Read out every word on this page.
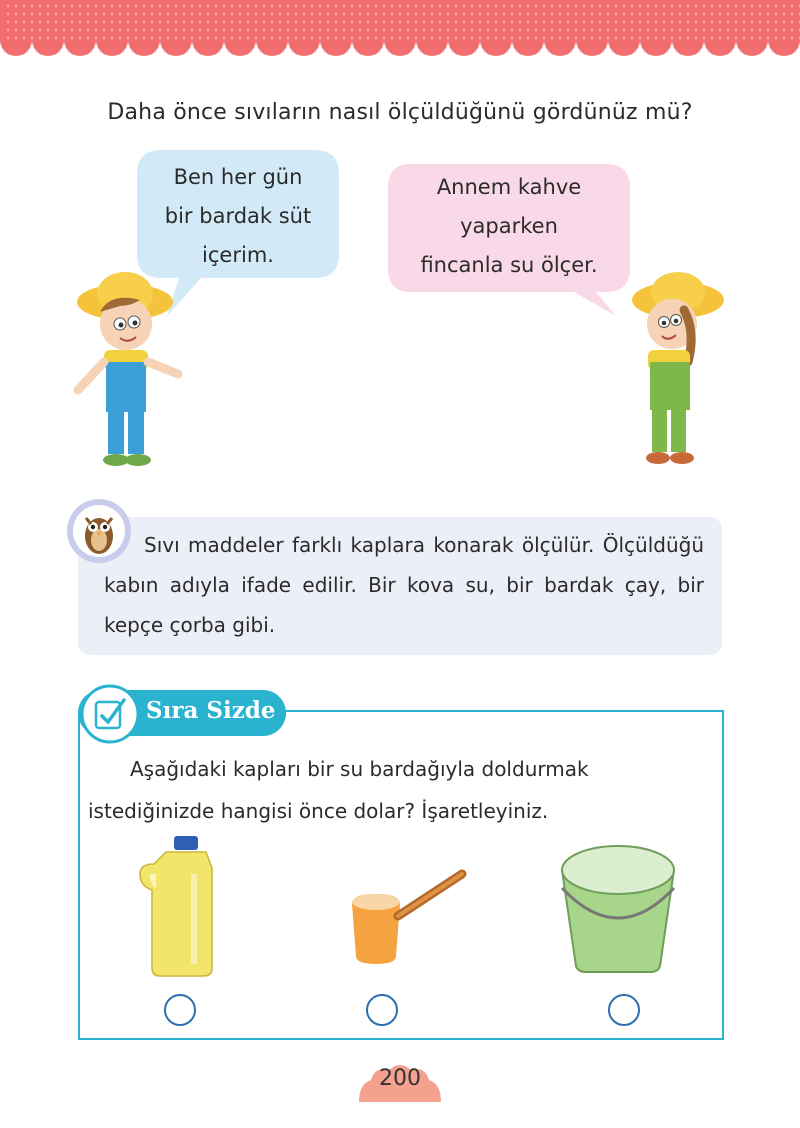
Daha önce sıvıların nasıl ölçüldüğünü gördünüz mü?
Ben her gün
bir bardak süt
içerim.
Annem kahve
yaparken
fincanla su ölçer.
Sıvı maddeler farklı kaplara konarak ölçülür. Ölçüldüğü kabın adıyla ifade edilir. Bir kova su, bir bardak çay, bir kepçe çorba gibi.
Sıra Sizde
Aşağıdaki kapları bir su bardağıyla doldurmak istediğinizde hangisi önce dolar? İşaretleyiniz.
200
